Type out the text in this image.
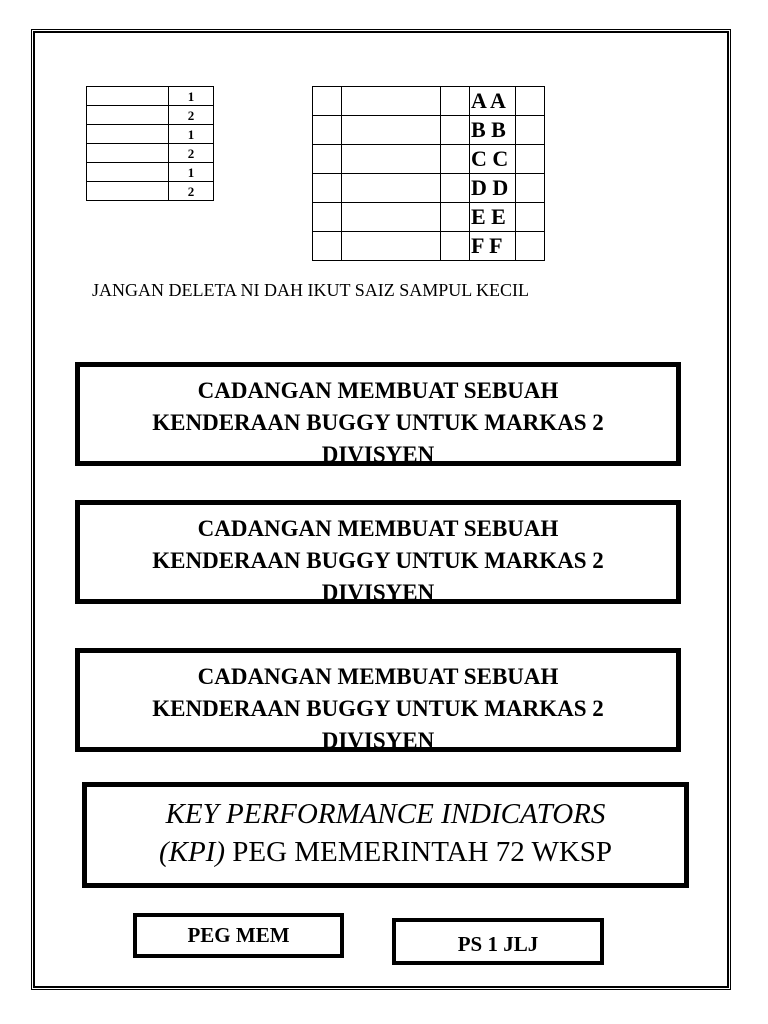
	1
	2
	1
	2
	1
	2
			A A	
			B B	
			C C	
			D D	
			E E	
			F F	
JANGAN DELETA NI DAH IKUT SAIZ SAMPUL KECIL

CADANGAN MEMBUAT SEBUAH

KENDERAAN BUGGY UNTUK MARKAS 2

DIVISYEN

CADANGAN MEMBUAT SEBUAH

KENDERAAN BUGGY UNTUK MARKAS 2

DIVISYEN

CADANGAN MEMBUAT SEBUAH

KENDERAAN BUGGY UNTUK MARKAS 2

DIVISYEN

KEY PERFORMANCE INDICATORS

(KPI) PEG MEMERINTAH 72 WKSP

PEG MEM	PS 1 JLJ
